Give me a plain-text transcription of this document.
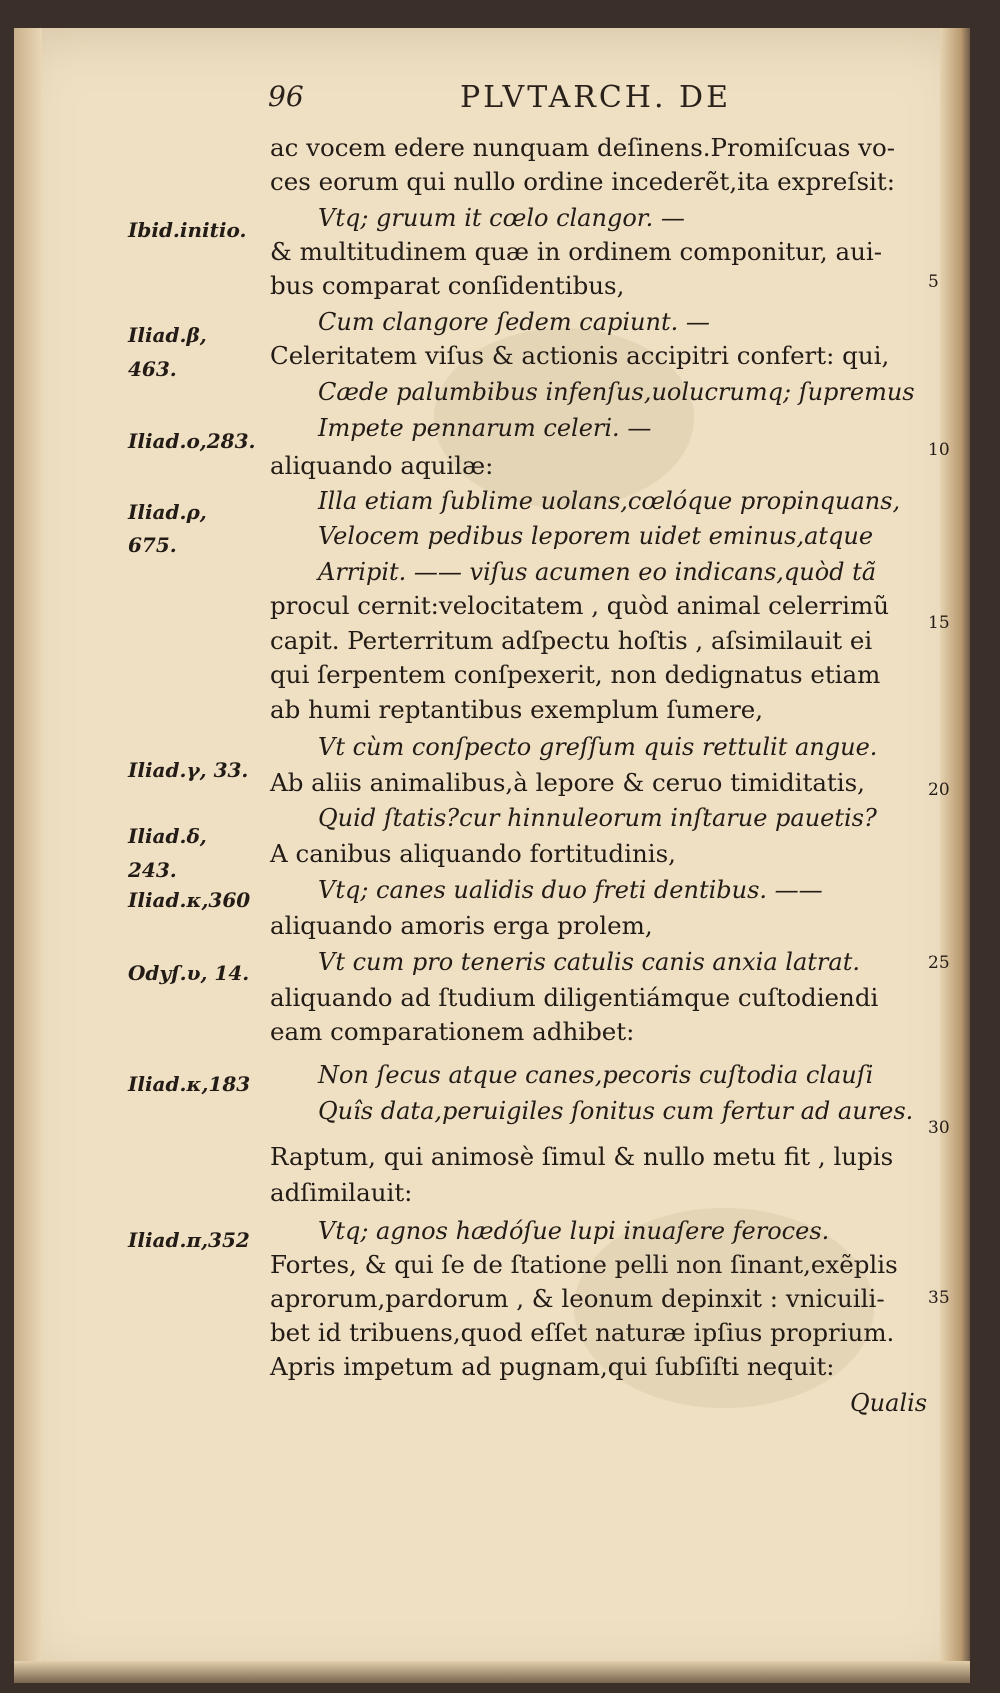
96	PLVTARCH. DE
ac vocem edere nunquam deſinens.Promiſcuas vo-
ces eorum qui nullo ordine incederẽt,ita expreſsit:
Vtq; gruum it cœlo clangor. —
& multitudinem quæ in ordinem componitur, aui-
bus comparat conſidentibus,
Cum clangore ſedem capiunt. —
Celeritatem viſus & actionis accipitri confert: qui,
Cæde palumbibus infenſus,uolucrumq; ſupremus
Impete pennarum celeri. —
aliquando aquilæ:
Illa etiam ſublime uolans,cœlóque propinquans,
Velocem pedibus leporem uidet eminus,atque
Arripit. —— viſus acumen eo indicans,quòd tã
procul cernit:velocitatem , quòd animal celerrimũ
capit. Perterritum adſpectu hoſtis , aſsimilauit ei
qui ſerpentem conſpexerit, non dedignatus etiam
ab humi reptantibus exemplum ſumere,
Vt cùm conſpecto greſſum quis rettulit angue.
Ab aliis animalibus,à lepore & ceruo timiditatis,
Quid ſtatis?cur hinnuleorum inſtarue pauetis?
A canibus aliquando fortitudinis,
Vtq; canes ualidis duo freti dentibus. ——
aliquando amoris erga prolem,
Vt cum pro teneris catulis canis anxia latrat.
aliquando ad ſtudium diligentiámque cuſtodiendi
eam comparationem adhibet:
Non ſecus atque canes,pecoris cuſtodia clauſi
Quîs data,peruigiles ſonitus cum fertur ad aures.
Raptum, qui animosè ſimul & nullo metu fit , lupis
adſimilauit:
Vtq; agnos hædóſue lupi inuaſere feroces.
Fortes, & qui ſe de ſtatione pelli non ſinant,exẽplis
aprorum,pardorum , & leonum depinxit : vnicuili-
bet id tribuens,quod eſſet naturæ ipſius proprium.
Apris impetum ad pugnam,qui ſubſiſti nequit:
Qualis
Ibid.initio.
Iliad.β,
463.
Iliad.o,283.
Iliad.ρ,
675.
Iliad.γ, 33.
Iliad.δ,
243.
Iliad.κ,360
Odyſ.υ, 14.
Iliad.κ,183
Iliad.π,352
5
10
15
20
25
30
35
